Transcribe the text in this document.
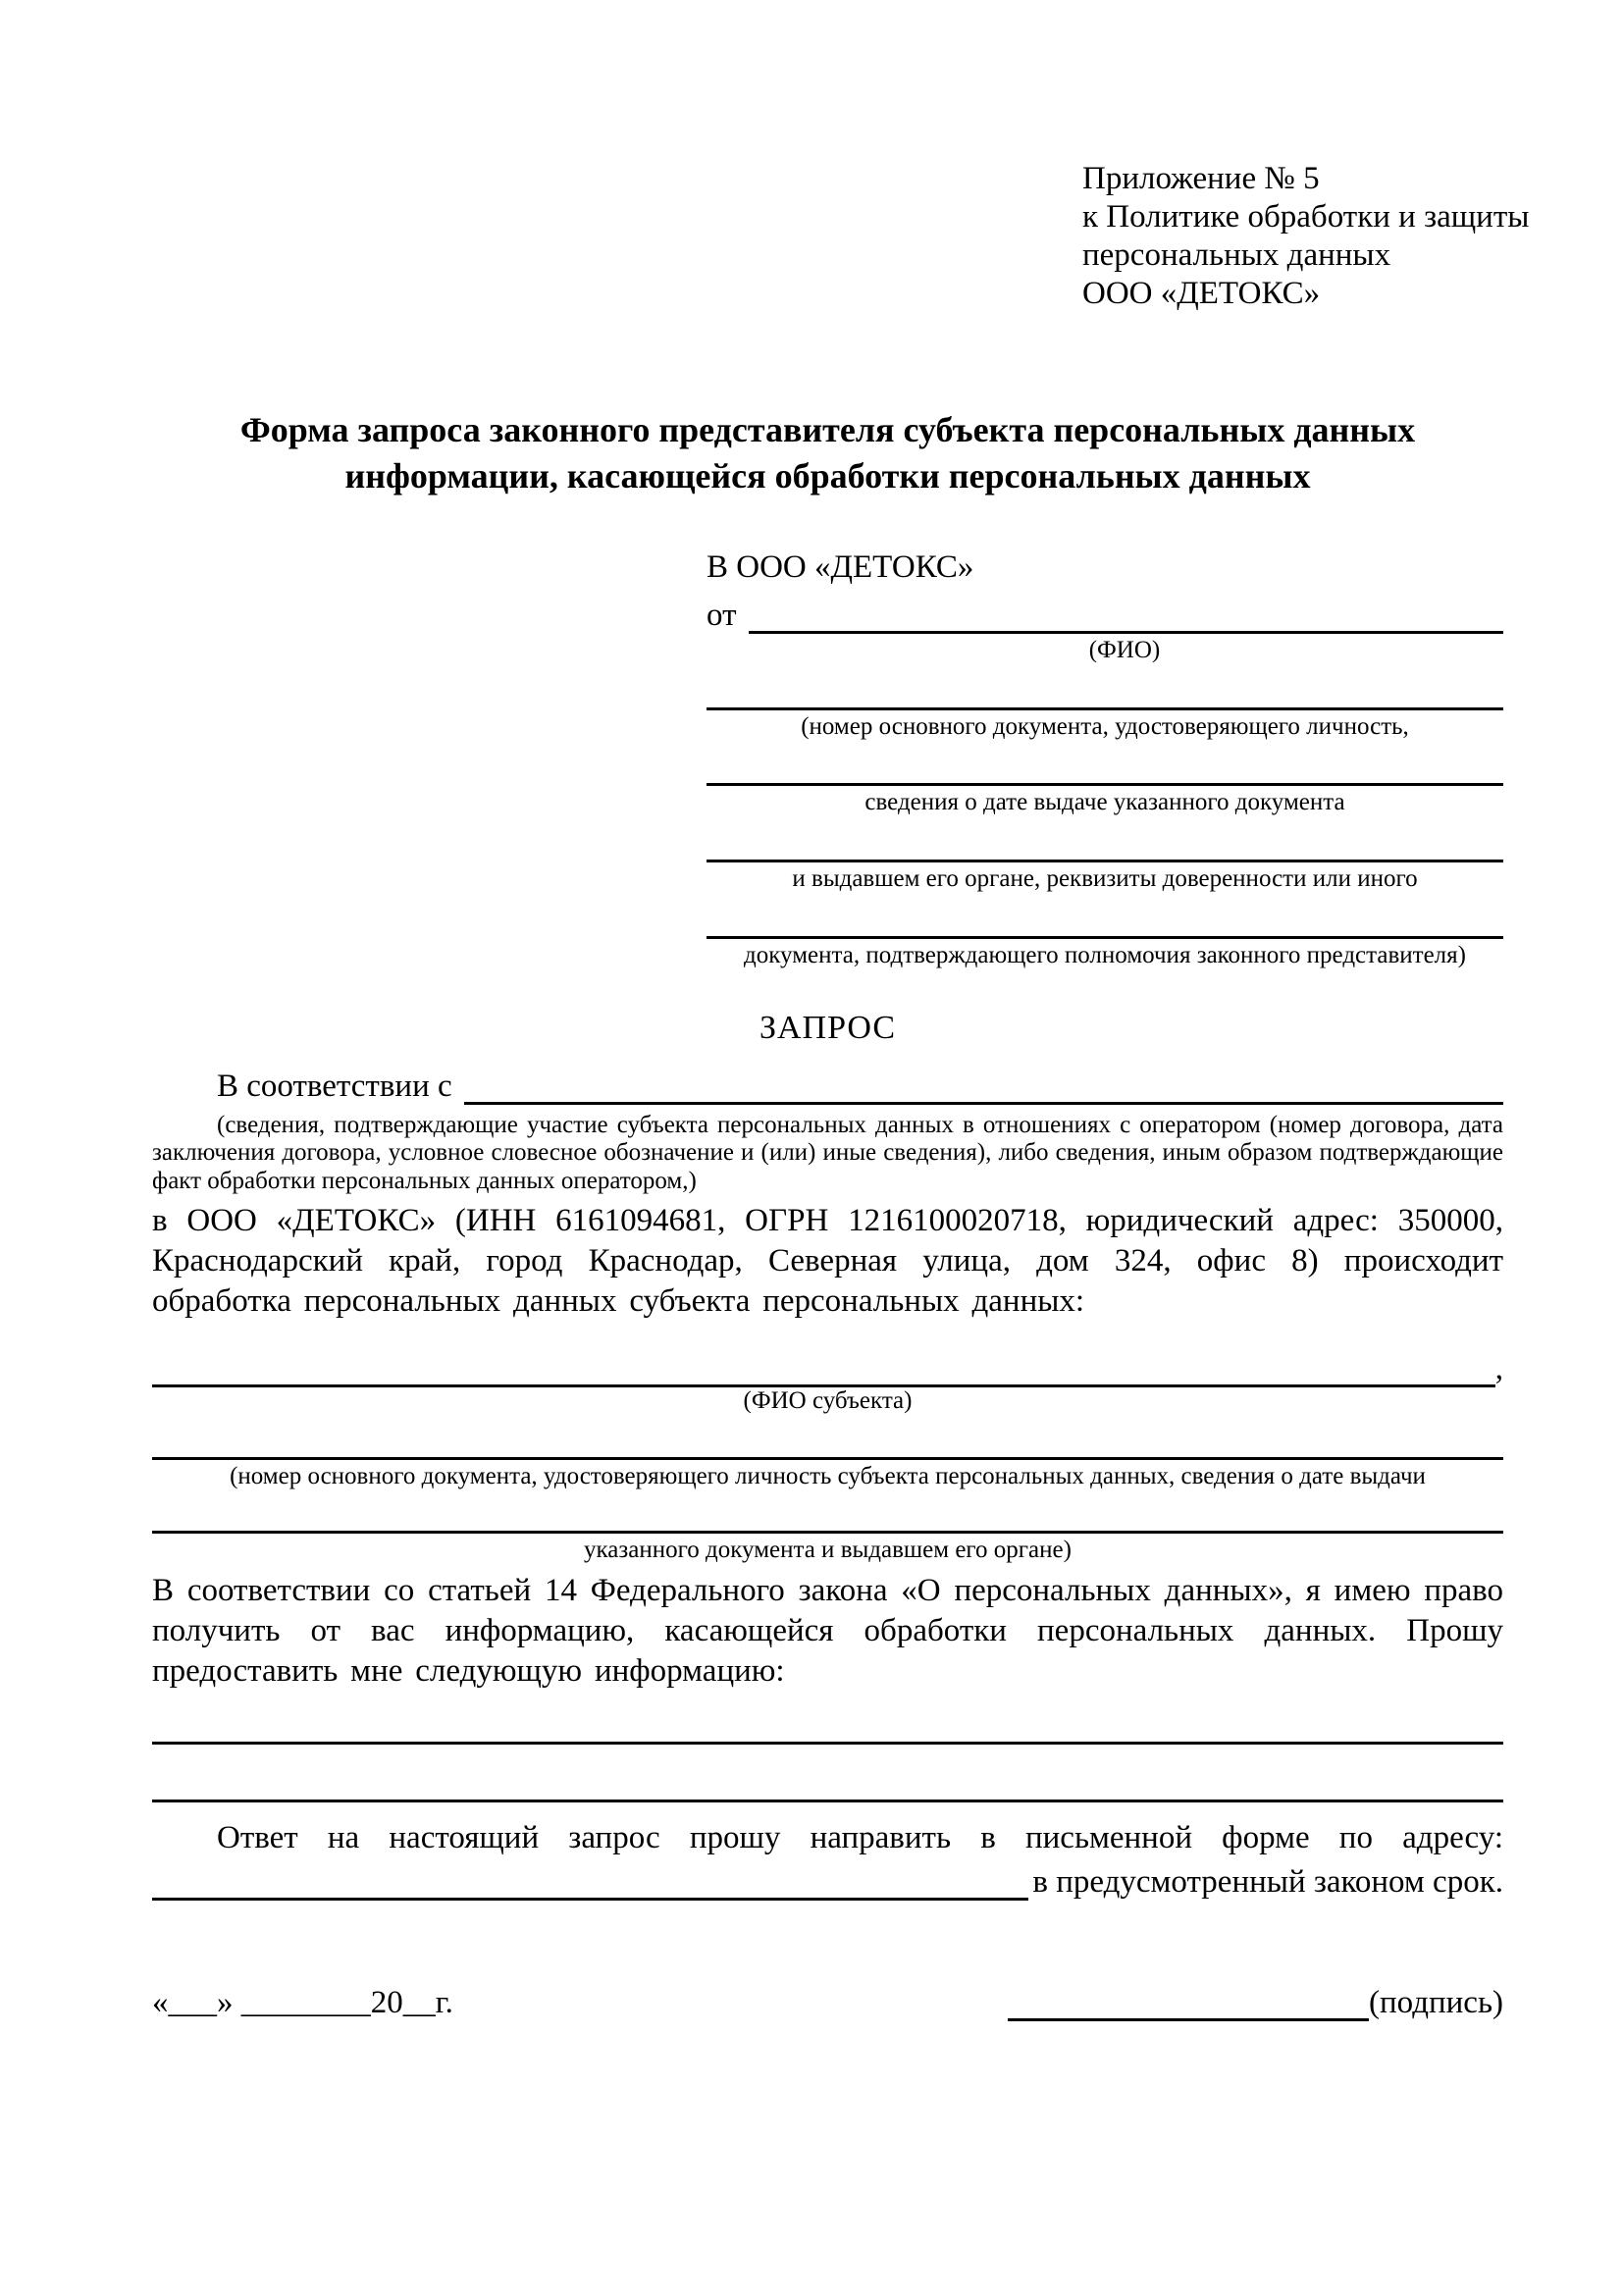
Приложение № 5
к Политике обработки и защиты
персональных данных
ООО «ДЕТОКС»
Форма запроса законного представителя субъекта персональных данных информации, касающейся обработки персональных данных
В ООО «ДЕТОКС»
от
(ФИО)
(номер основного документа, удостоверяющего личность,
сведения о дате выдаче указанного документа
и выдавшем его органе, реквизиты доверенности или иного
документа, подтверждающего полномочия законного представителя)
ЗАПРОС
В соответствии с
(сведения, подтверждающие участие субъекта персональных данных в отношениях с оператором (номер договора, дата заключения договора, условное словесное обозначение и (или) иные сведения), либо сведения, иным образом подтверждающие факт обработки персональных данных оператором,)

в ООО «ДЕТОКС» (ИНН 6161094681, ОГРН 1216100020718, юридический адрес: 350000, Краснодарский край, город Краснодар, Северная улица, дом 324, офис 8) происходит обработка персональных данных субъекта персональных данных:

,
(ФИО субъекта)
(номер основного документа, удостоверяющего личность субъекта персональных данных, сведения о дате выдачи
указанного документа и выдавшем его органе)

В соответствии со статьей 14 Федерального закона «О персональных данных», я имею право получить от вас информацию, касающейся обработки персональных данных. Прошу предоставить мне следующую информацию:

Ответ на настоящий запрос прошу направить в письменной форме по адресу:

в предусмотренный законом срок.
«___» ________20__г.	(подпись)
